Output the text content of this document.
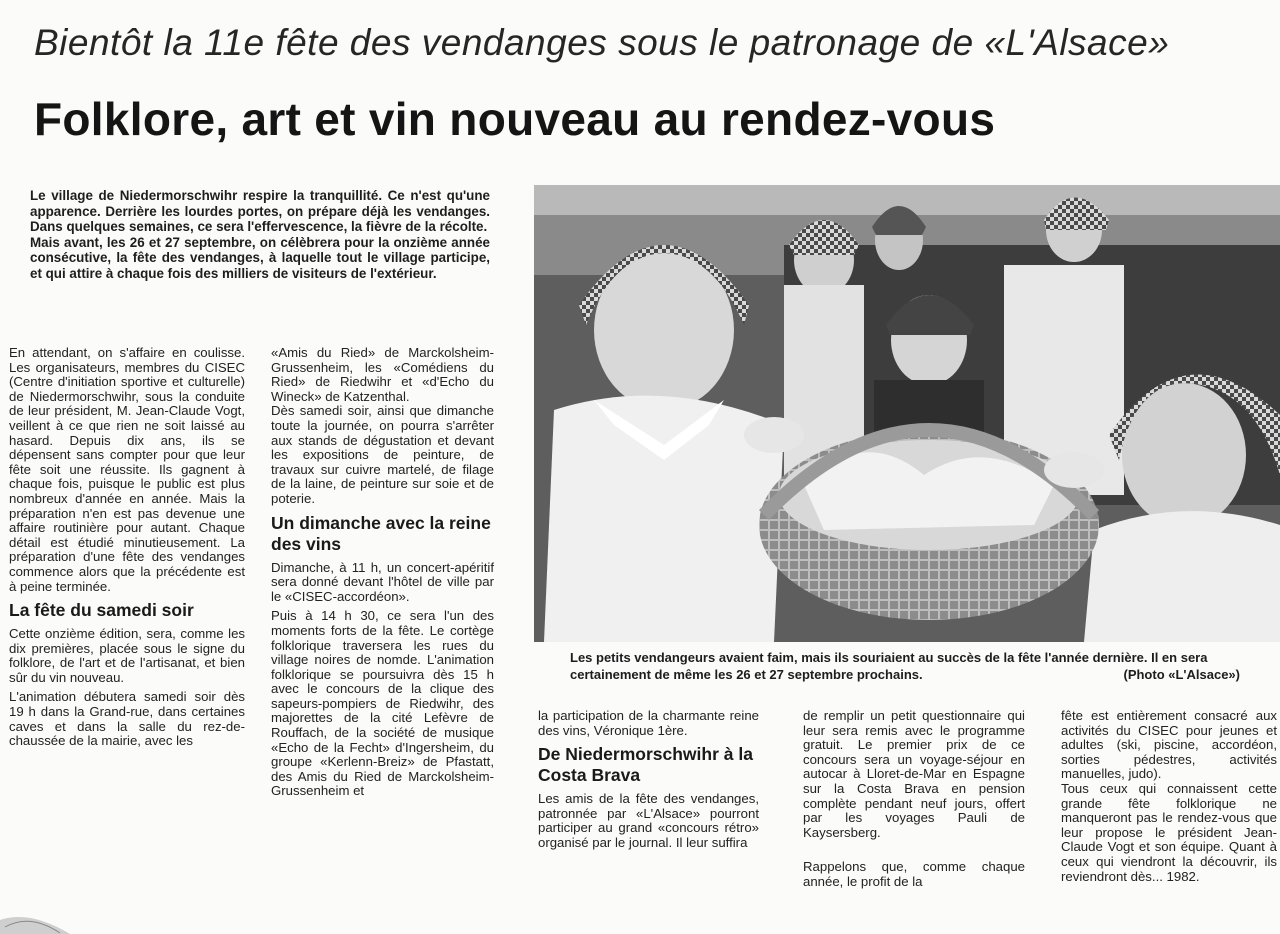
Bientôt la 11e fête des vendanges sous le patronage de «L'Alsace»
Folklore, art et vin nouveau au rendez-vous

Le village de Niedermorschwihr respire la tranquillité. Ce n'est qu'une apparence. Derrière les lourdes portes, on prépare déjà les vendanges. Dans quelques semaines, ce sera l'effervescence, la fièvre de la récolte.

Mais avant, les 26 et 27 septembre, on célèbrera pour la onzième année consécutive, la fête des vendanges, à laquelle tout le village participe, et qui attire à chaque fois des milliers de visiteurs de l'extérieur.

En attendant, on s'affaire en coulisse. Les organisateurs, membres du CISEC (Centre d'initiation sportive et culturelle) de Niedermorschwihr, sous la conduite de leur président, M. Jean-Claude Vogt, veillent à ce que rien ne soit laissé au hasard. Depuis dix ans, ils se dépensent sans compter pour que leur fête soit une réussite. Ils gagnent à chaque fois, puisque le public est plus nombreux d'année en année. Mais la préparation n'en est pas devenue une affaire routinière pour autant. Chaque détail est étudié minutieusement. La préparation d'une fête des vendanges commence alors que la précédente est à peine terminée.

La fête du samedi soir

Cette onzième édition, sera, comme les dix premières, placée sous le signe du folklore, de l'art et de l'artisanat, et bien sûr du vin nouveau.

L'animation débutera samedi soir dès 19 h dans la Grand-rue, dans certaines caves et dans la salle du rez-de-chaussée de la mairie, avec les

«Amis du Ried» de Marckolsheim-Grussenheim, les «Comédiens du Ried» de Riedwihr et «d'Echo du Wineck» de Katzenthal.

Dès samedi soir, ainsi que dimanche toute la journée, on pourra s'arrêter aux stands de dégustation et devant les expositions de peinture, de travaux sur cuivre martelé, de filage de la laine, de peinture sur soie et de poterie.

Un dimanche avec la reine des vins

Dimanche, à 11 h, un concert-apéritif sera donné devant l'hôtel de ville par le «CISEC-accordéon».

Puis à 14 h 30, ce sera l'un des moments forts de la fête. Le cortège folklorique traversera les rues du village noires de nomde. L'animation folklorique se poursuivra dès 15 h avec le concours de la clique des sapeurs-pompiers de Riedwihr, des majorettes de la cité Lefèvre de Rouffach, de la société de musique «Echo de la Fecht» d'Ingersheim, du groupe «Kerlenn-Breiz» de Pfastatt, des Amis du Ried de Marckolsheim-Grussenheim et

Les petits vendangeurs avaient faim, mais ils souriaient au succès de la fête l'année dernière. Il en sera certainement de même les 26 et 27 septembre prochains.	(Photo «L'Alsace»)

la participation de la charmante reine des vins, Véronique 1ère.

De Niedermorschwihr à la Costa Brava

Les amis de la fête des vendanges, patronnée par «L'Alsace» pourront participer au grand «concours rétro» organisé par le journal. Il leur suffira

de remplir un petit questionnaire qui leur sera remis avec le programme gratuit. Le premier prix de ce concours sera un voyage-séjour en autocar à Lloret-de-Mar en Espagne sur la Costa Brava en pension complète pendant neuf jours, offert par les voyages Pauli de Kaysersberg.

Rappelons que, comme chaque année, le profit de la

fête est entièrement consacré aux activités du CISEC pour jeunes et adultes (ski, piscine, accordéon, sorties pédestres, activités manuelles, judo).

Tous ceux qui connaissent cette grande fête folklorique ne manqueront pas le rendez-vous que leur propose le président Jean-Claude Vogt et son équipe. Quant à ceux qui viendront la découvrir, ils reviendront dès... 1982.
